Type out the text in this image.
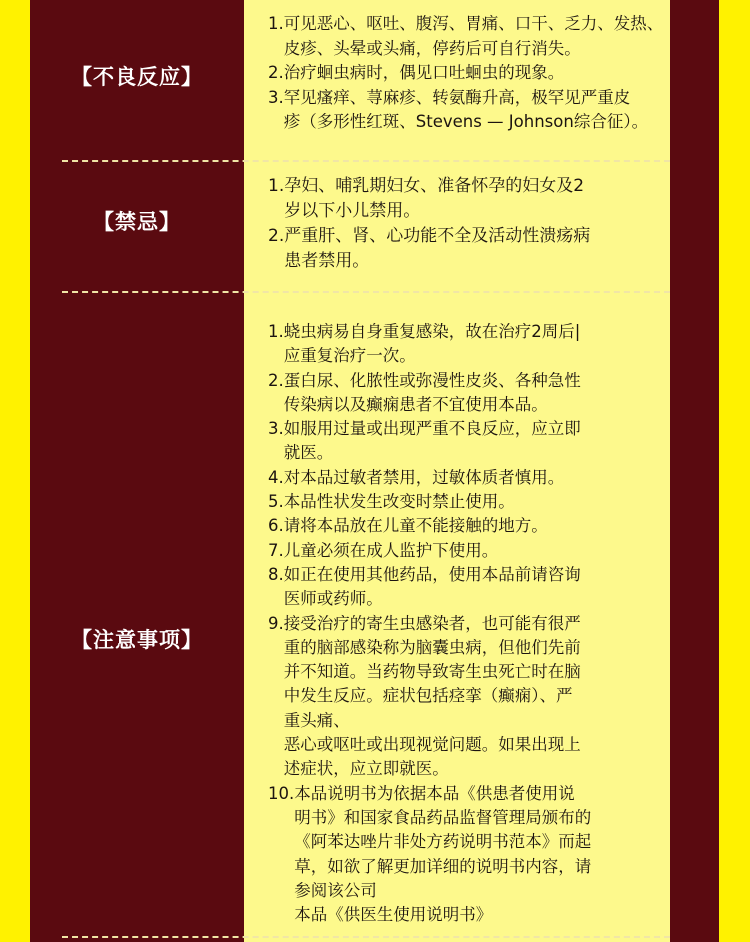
【不良反应】
1. 可见恶心、呕吐、腹泻、胃痛、口干、乏力、发热、
皮疹、头晕或头痛，停药后可自行消失。
2. 治疗蛔虫病时，偶见口吐蛔虫的现象。
3. 罕见瘙痒、荨麻疹、转氨酶升高，极罕见严重皮
疹（多形性红斑、Stevens — Johnson综合征）。
【禁忌】
1. 孕妇、哺乳期妇女、准备怀孕的妇女及2
岁以下小儿禁用。
2. 严重肝、肾、心功能不全及活动性溃疡病
患者禁用。
【注意事项】
1. 蛲虫病易自身重复感染，故在治疗2周后|
应重复治疗一次。
2. 蛋白尿、化脓性或弥漫性皮炎、各种急性
传染病以及癫痫患者不宜使用本品。
3. 如服用过量或出现严重不良反应，应立即
就医。
4. 对本品过敏者禁用，过敏体质者慎用。
5. 本品性状发生改变时禁止使用。
6. 请将本品放在儿童不能接触的地方。
7. 儿童必须在成人监护下使用。
8. 如正在使用其他药品，使用本品前请咨询
医师或药师。
9. 接受治疗的寄生虫感染者，也可能有很严
重的脑部感染称为脑囊虫病，但他们先前
并不知道。当药物导致寄生虫死亡时在脑
中发生反应。症状包括痉挛（癫痫）、严
重头痛、
恶心或呕吐或出现视觉问题。如果出现上
述症状，应立即就医。
10. 本品说明书为依据本品《供患者使用说
明书》和国家食品药品监督管理局颁布的
《阿苯达唑片非处方药说明书范本》而起
草，如欲了解更加详细的说明书内容，请
参阅该公司
本品《供医生使用说明书》
